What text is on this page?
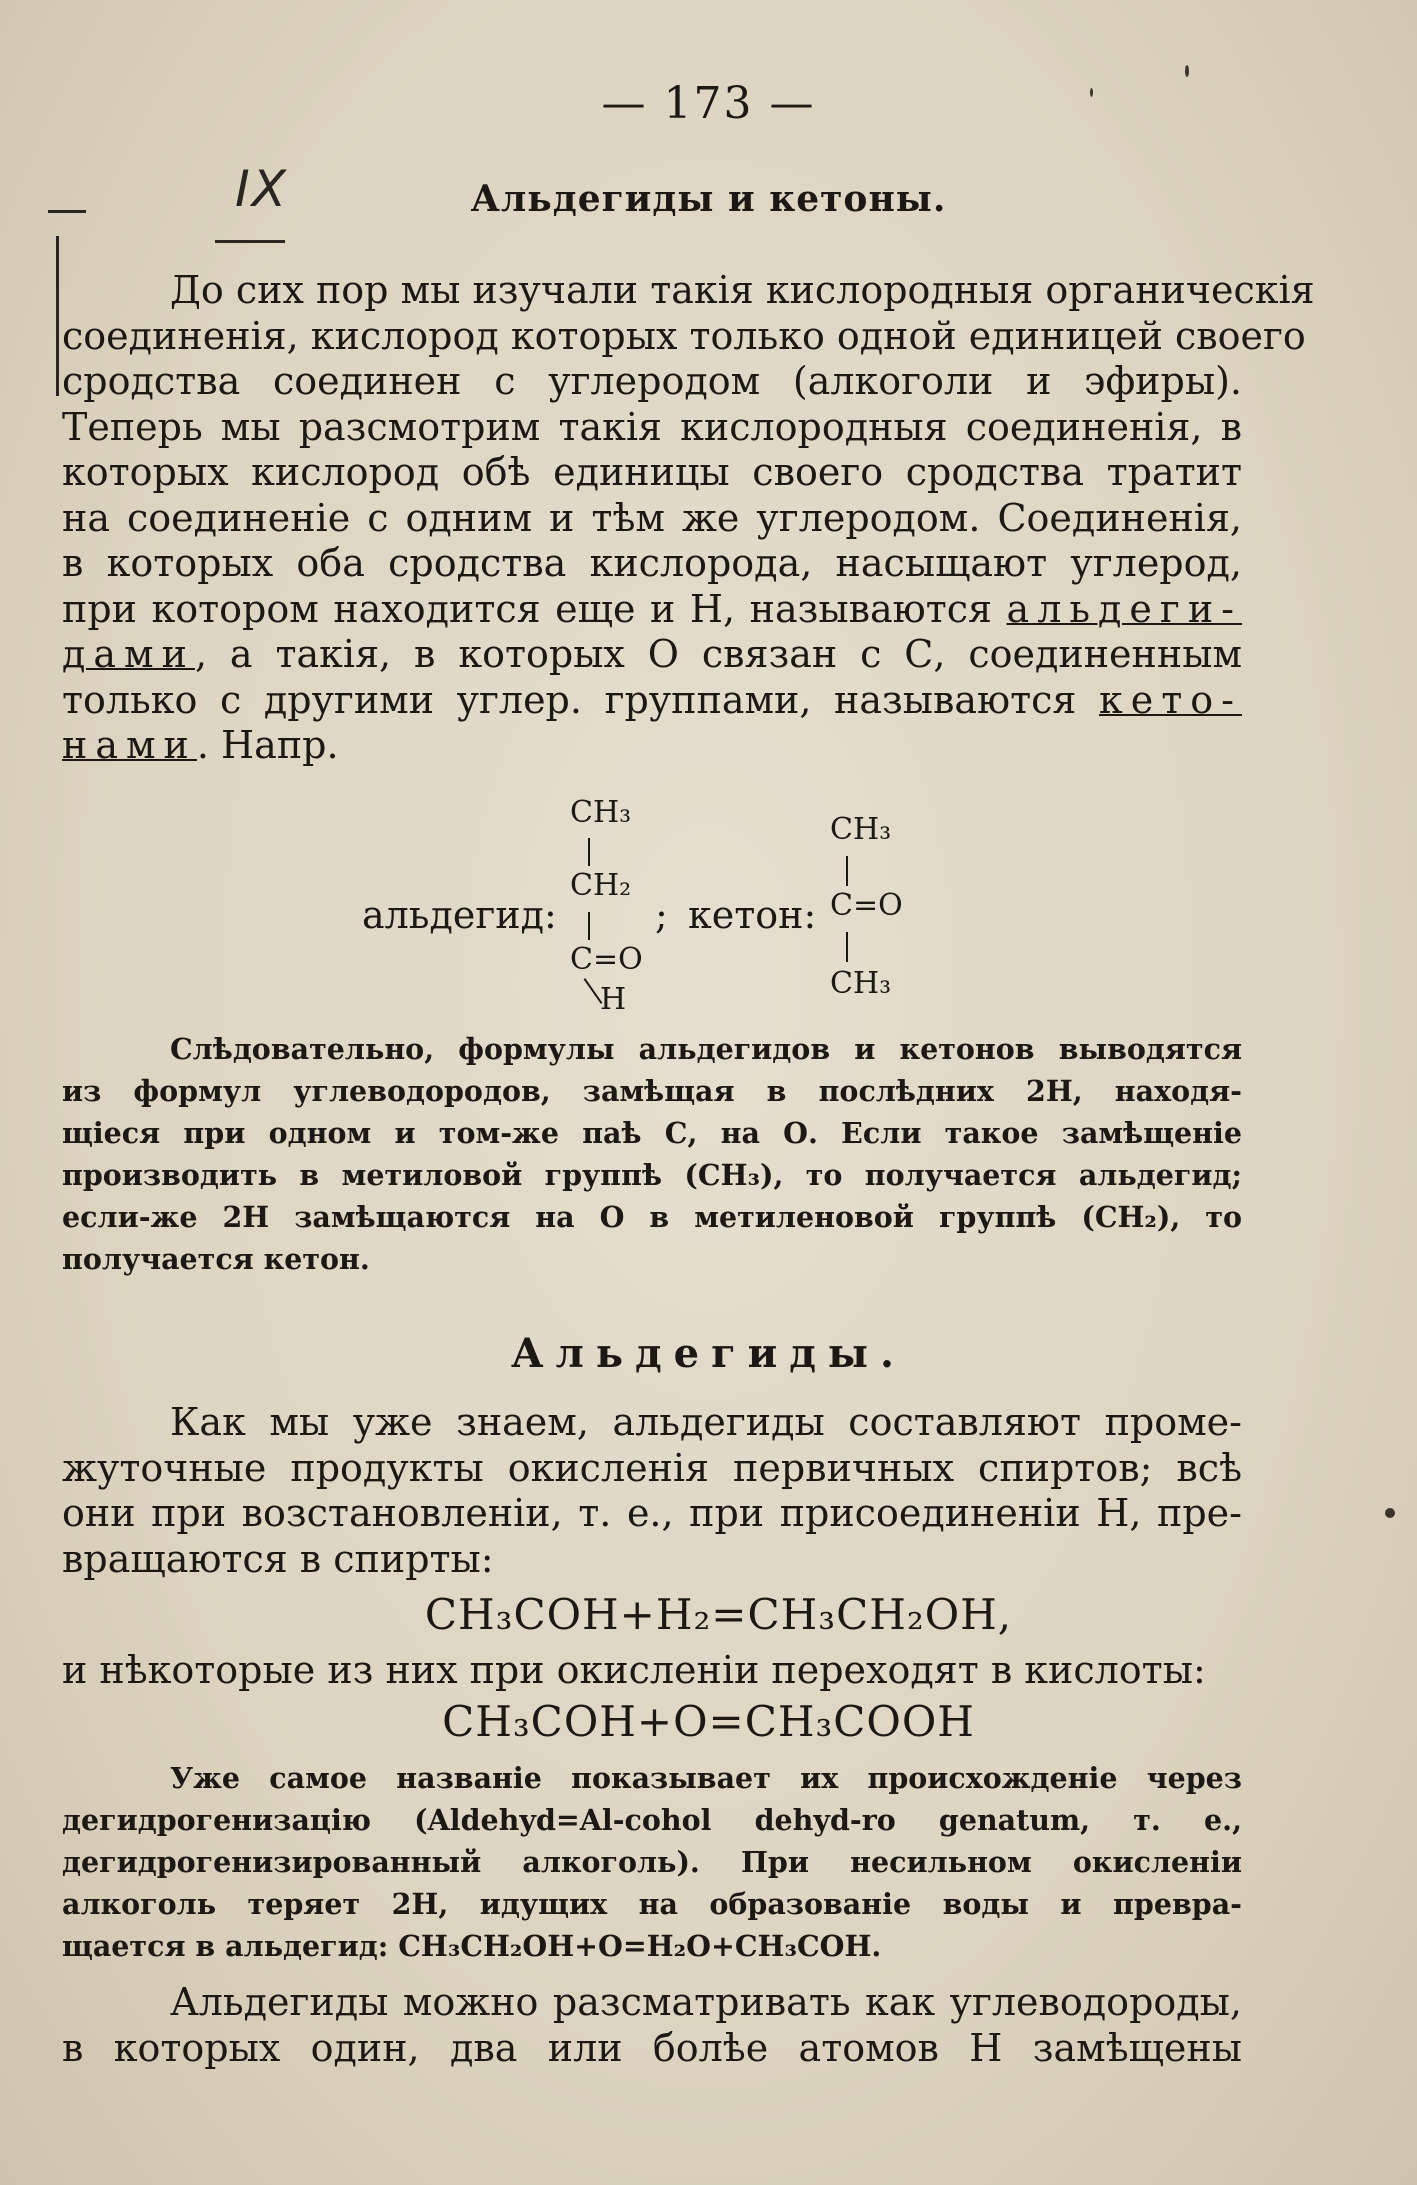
— 173 —
IX	Альдегиды и кетоны.
До сих пор мы изучали такія кислородныя органическія
соединенія, кислород которых только одной единицей своего
сродства соединен с углеродом (алкоголи и эфиры).
Теперь мы разсмотрим такія кислородныя соединенія, в
которых кислород обѣ единицы своего сродства тратит
на соединеніе с одним и тѣм же углеродом. Соединенія,
в которых оба сродства кислорода, насыщают углерод,
при котором находится еще и Н, называются альдеги-
дами, а такія, в которых О связан с С, соединенным
только с другими углер. группами, называются кето-
нами. Напр.
альдегид:
CH₃
CH₂
C=O
H
; кетон:
CH₃
C=O
CH₃
Слѣдовательно, формулы альдегидов и кетонов выводятся
из формул углеводородов, замѣщая в послѣдних 2Н, находя-
щіеся при одном и том-же паѣ С, на О. Если такое замѣщеніе
производить в метиловой группѣ (СН₃), то получается альдегид;
если-же 2Н замѣщаются на О в метиленовой группѣ (СН₂), то
получается кетон.
Альдегиды.
Как мы уже знаем, альдегиды составляют проме-
жуточные продукты окисленія первичных спиртов; всѣ
они при возстановленіи, т. е., при присоединеніи Н, пре-
вращаются в спирты:
CH₃COH+H₂=CH₃CH₂OH,
и нѣкоторые из них при окисленіи переходят в кислоты:
CH₃COH+O=CH₃COOH
Уже самое названіе показывает их происхожденіе через
дегидрогенизацію (Aldehyd=Al-cohol dehyd-ro genatum, т. е.,
дегидрогенизированный алкоголь). При несильном окисленіи
алкоголь теряет 2Н, идущих на образованіе воды и превра-
щается в альдегид: CH₃CH₂OH+O=H₂O+CH₃COH.
Альдегиды можно разсматривать как углеводороды,
в которых один, два или болѣе атомов Н замѣщены
